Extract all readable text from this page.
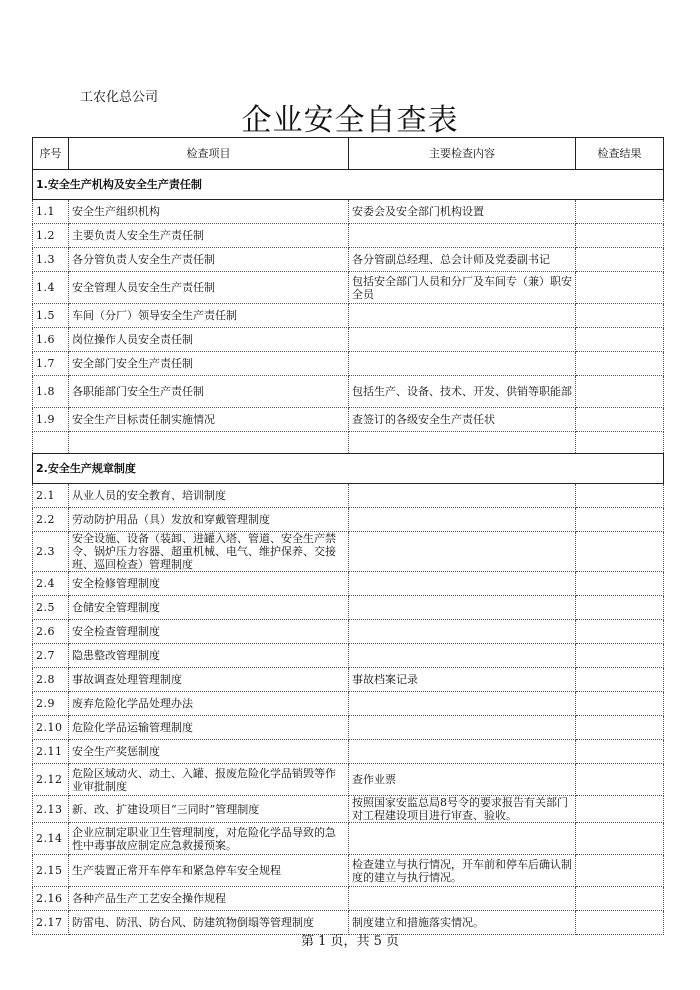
工农化总公司
企业安全自查表
序号	检查项目	主要检查内容	检查结果
1.安全生产机构及安全生产责任制			
1.1	安全生产组织机构	安委会及安全部门机构设置	
1.2	主要负责人安全生产责任制		
1.3	各分管负责人安全生产责任制	各分管副总经理、总会计师及党委副书记	
1.4	安全管理人员安全生产责任制	包括安全部门人员和分厂及车间专（兼）职安全员	
1.5	车间（分厂）领导安全生产责任制		
1.6	岗位操作人员安全责任制		
1.7	安全部门安全生产责任制		
1.8	各职能部门安全生产责任制	包括生产、设备、技术、开发、供销等职能部	
1.9	安全生产目标责任制实施情况	查签订的各级安全生产责任状	

2.安全生产规章制度			
2.1	从业人员的安全教育、培训制度		
2.2	劳动防护用品（具）发放和穿戴管理制度		
2.3	安全设施、设备（装卸、进罐入塔、管道、安全生产禁令、锅炉压力容器、超重机械、电气、维护保养、交接班、巡回检查）管理制度		
2.4	安全检修管理制度		
2.5	仓储安全管理制度		
2.6	安全检查管理制度		
2.7	隐患整改管理制度		
2.8	事故调查处理管理制度	事故档案记录	
2.9	废弃危险化学品处理办法		
2.10	危险化学品运输管理制度		
2.11	安全生产奖惩制度		
2.12	危险区域动火、动土、入罐、报废危险化学品销毁等作业审批制度	查作业票	
2.13	新、改、扩建设项目“三同时”管理制度	按照国家安监总局8号令的要求报告有关部门对工程建设项目进行审查、验收。	
2.14	企业应制定职业卫生管理制度，对危险化学品导致的急性中毒事故应制定应急救援预案。		
2.15	生产装置正常开车停车和紧急停车安全规程	检查建立与执行情况，开车前和停车后确认制度的建立与执行情况。	
2.16	各种产品生产工艺安全操作规程		
2.17	防雷电、防汛、防台风、防建筑物倒塌等管理制度	制度建立和措施落实情况。	
第 1 页，共 5 页
